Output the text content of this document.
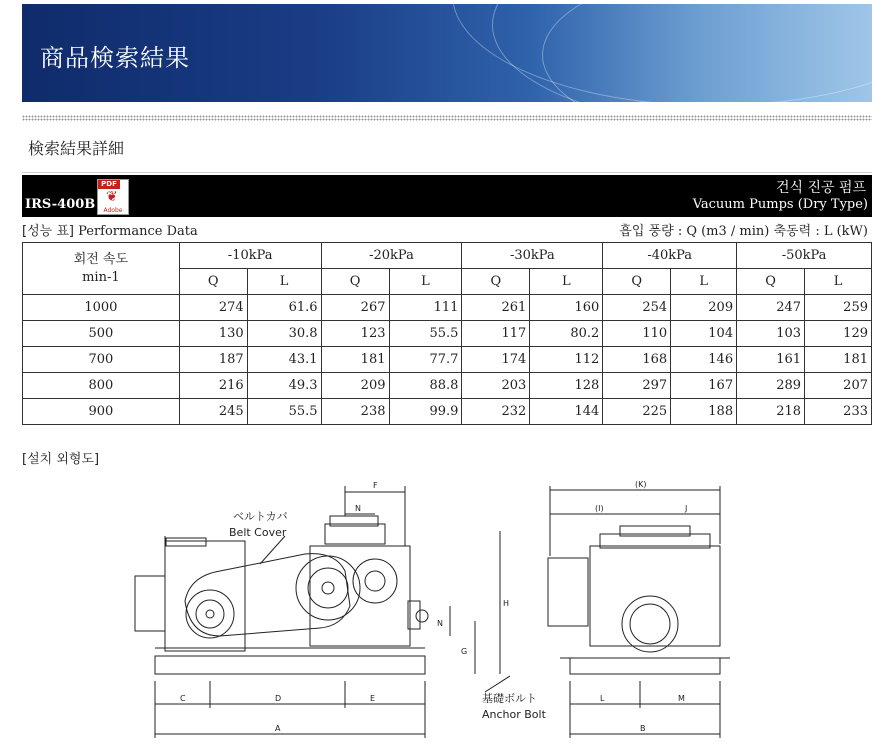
商品検索結果
検索結果詳細
IRS-400B
PDF
❦
Adobe
건식 진공 펌프
Vacuum Pumps (Dry Type)
[성능 표] Performance Data	흡입 풍량 : Q (m3 / min) 축동력 : L (kW)
회전 속도
min-1	-10kPa		-20kPa		-30kPa		-40kPa		-50kPa	
	Q	L	Q	L	Q	L	Q	L	Q	L
1000	274	61.6	267	111	261	160	254	209	247	259
500	130	30.8	123	55.5	117	80.2	110	104	103	129
700	187	43.1	181	77.7	174	112	168	146	161	181
800	216	49.3	209	88.8	203	128	297	167	289	207
900	245	55.5	238	99.9	232	144	225	188	218	233
[설치 외형도]
F
N
H
G
N
C	D	E
A
(K)
(I)	J
L	M
B
ベルトカバ
Belt Cover
基礎ボルト
Anchor Bolt
